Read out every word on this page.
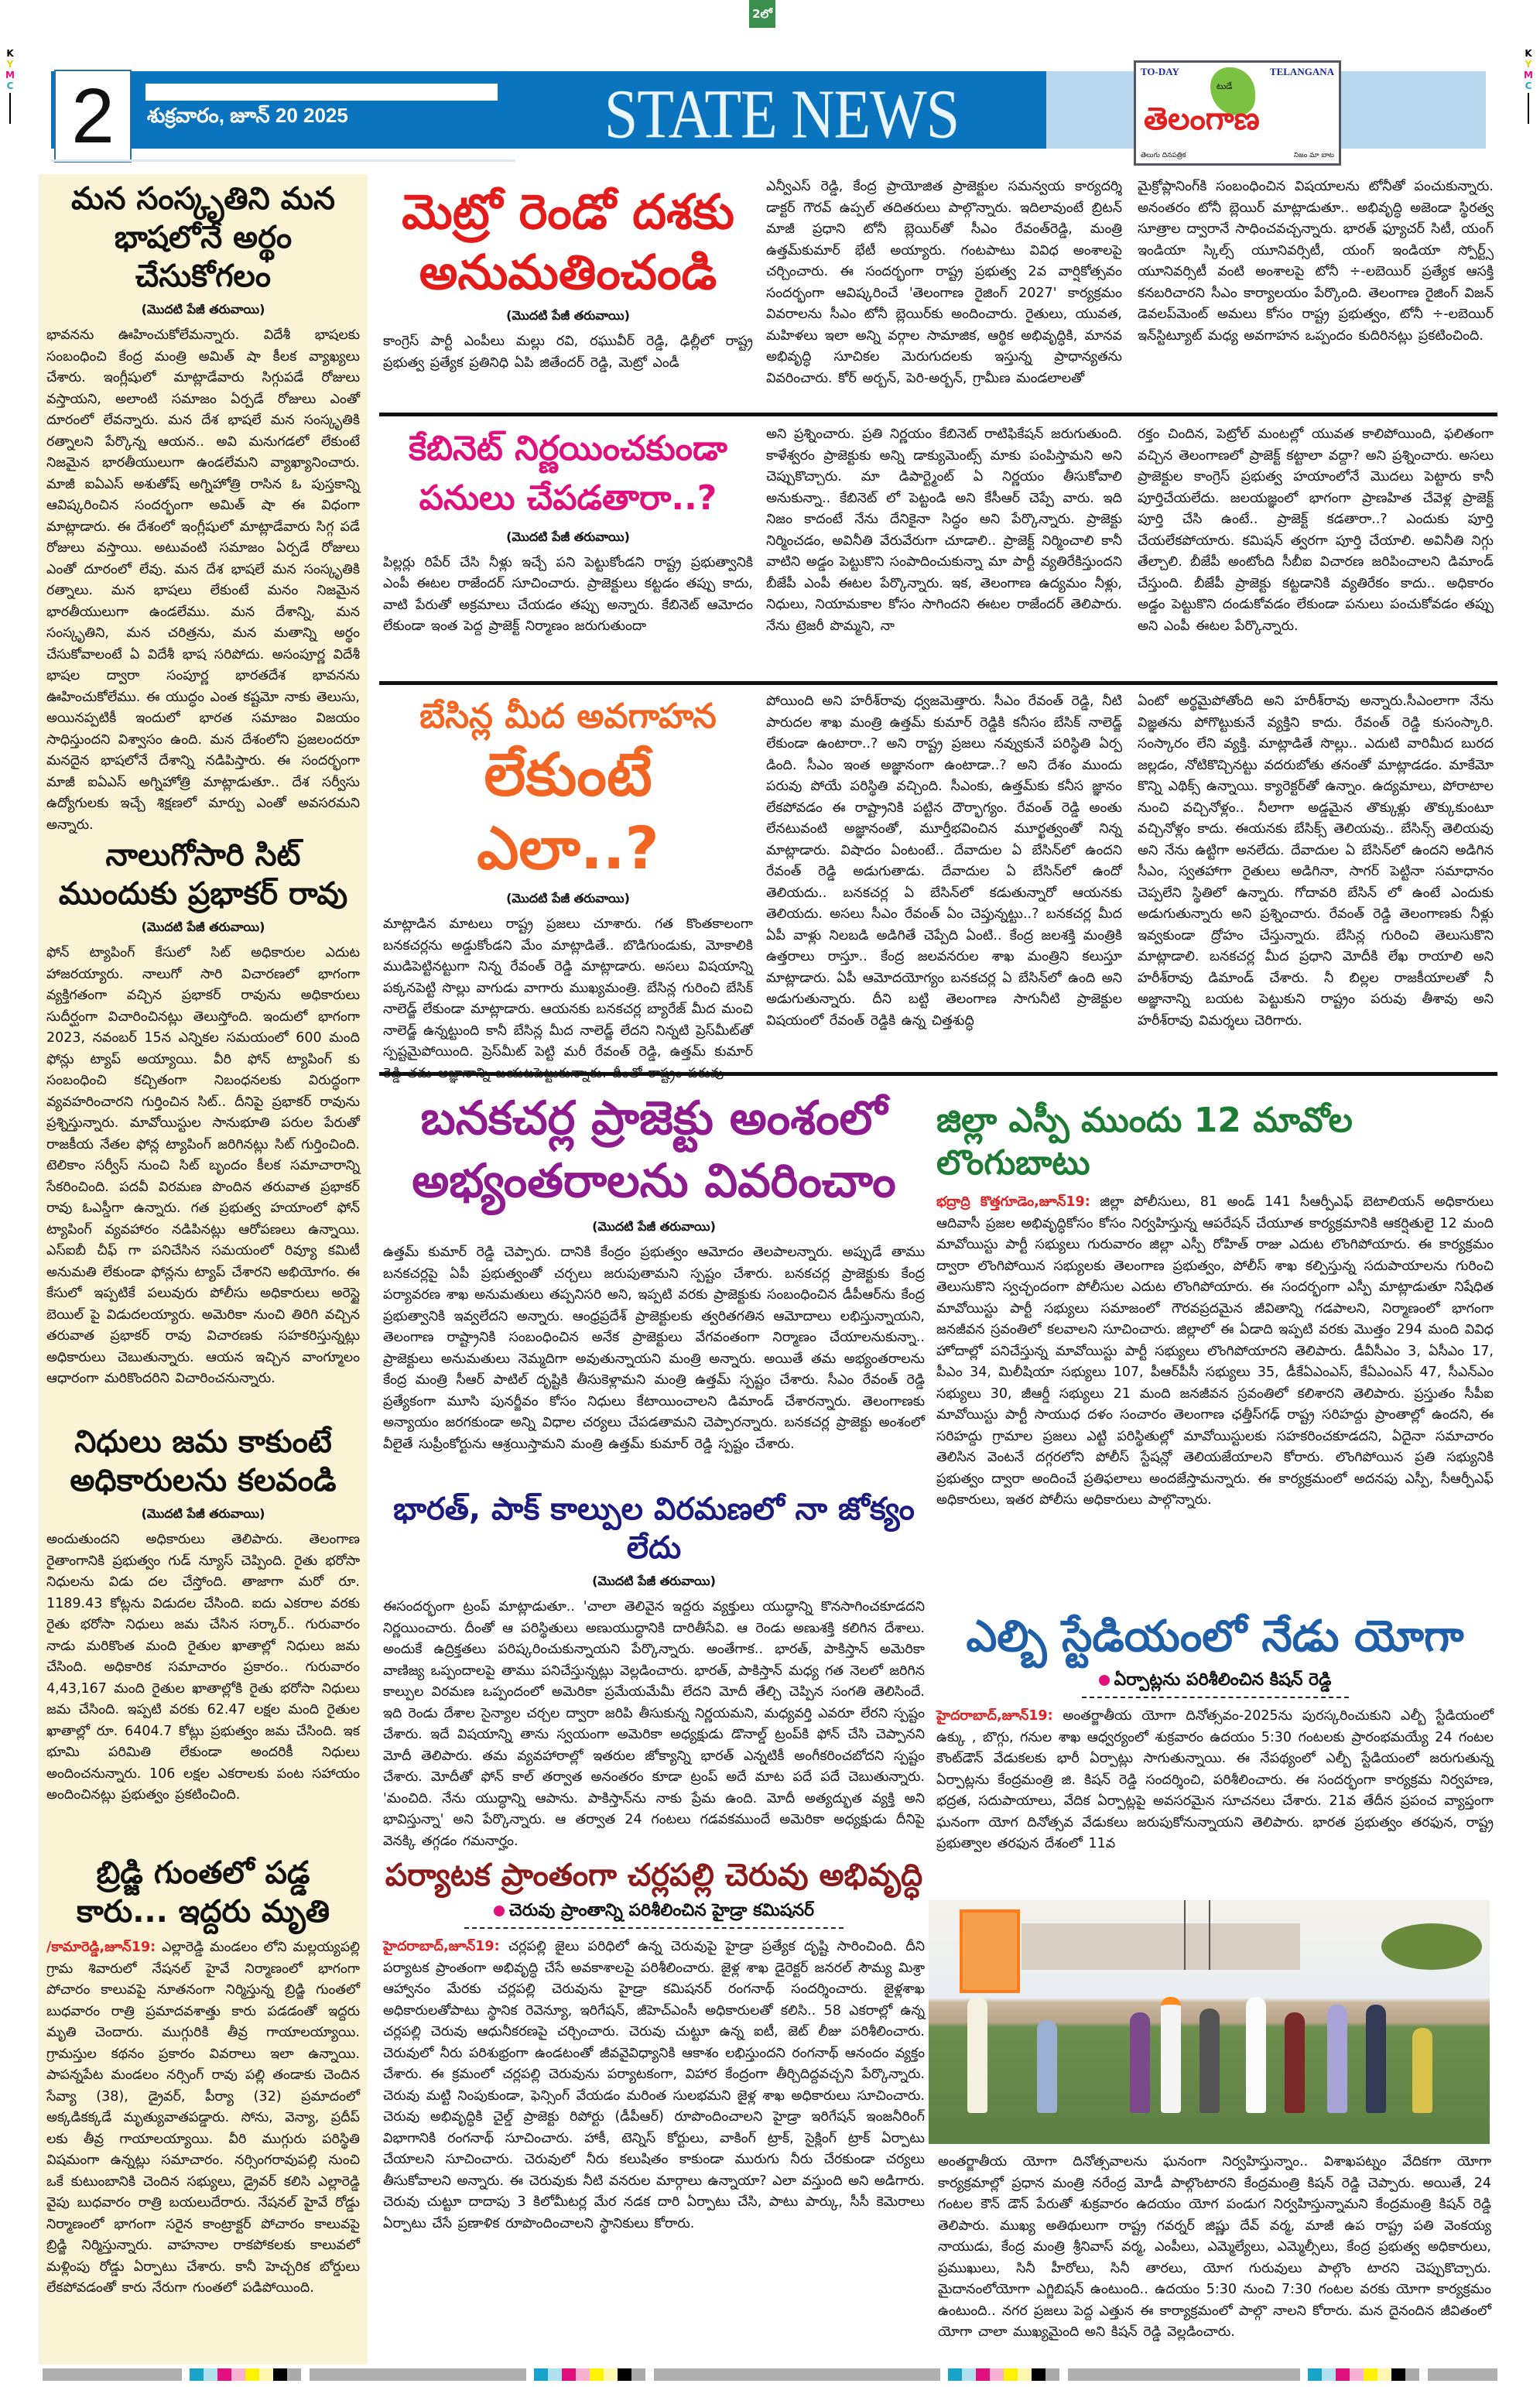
2లో
K
Y
M
C
K
Y
M
C
2	శుక్రవారం, జూన్ 20 2025	STATE NEWS
TO-DAY	TELANGANA
టుడే
తెలంగాణ
తెలుగు దినపత్రిక	నిజం మా బాట
మన సంస్కృతిని మన భాషలోనే అర్థం చేసుకోగలం
(మొదటి పేజీ తరువాయి)
భావనను ఊహించుకోలేమన్నారు. విదేశీ భాషలకు సంబంధించి కేంద్ర మంత్రి అమిత్ షా కీలక వ్యాఖ్యలు చేశారు. ఇంగ్లీషులో మాట్లాడేవారు సిగ్గుపడే రోజులు వస్తాయని, అలాంటి సమాజం ఏర్పడే రోజులు ఎంతో దూరంలో లేవన్నారు. మన దేశ భాషలే మన సంస్కృతికి రత్నాలని పేర్కొన్న ఆయన.. అవి మనుగడలో లేకుంటే నిజమైన భారతీయులుగా ఉండలేమని వ్యాఖ్యానించారు. మాజీ ఐఏఎస్ అశుతోష్ అగ్నిహోత్రి రాసిన ఓ పుస్తకాన్ని ఆవిష్కరించిన సందర్భంగా అమిత్ షా ఈ విధంగా మాట్లాడారు. ఈ దేశంలో ఇంగ్లీషులో మాట్లాడేవారు సిగ్గ పడే రోజులు వస్తాయి. అటువంటి సమాజం ఏర్పడే రోజులు ఎంతో దూరంలో లేవు. మన దేశ భాషలే మన సంస్కృతికి రత్నాలు. మన భాషలు లేకుంటే మనం నిజమైన భారతీయులుగా ఉండలేము. మన దేశాన్ని, మన సంస్కృతిని, మన చరిత్రను, మన మతాన్ని అర్థం చేసుకోవాలంటే ఏ విదేశీ భాష సరిపోదు. అసంపూర్ణ విదేశీ భాషల ద్వారా సంపూర్ణ భారతదేశ భావనను ఊహించుకోలేము. ఈ యుద్ధం ఎంత కష్టమో నాకు తెలుసు, అయినప్పటికీ ఇందులో భారత సమాజం విజయం సాధిస్తుందని విశ్వాసం ఉంది. మన దేశంలోని ప్రజలందరూ మనదైన భాషలోనే దేశాన్ని నడిపిస్తారు. ఈ సందర్భంగా మాజీ ఐఏఎస్ అగ్నిహోత్రి మాట్లాడుతూ.. దేశ సర్వీసు ఉద్యోగులకు ఇచ్చే శిక్షణలో మార్పు ఎంతో అవసరమని అన్నారు.
నాలుగోసారి సిట్ ముందుకు ప్రభాకర్ రావు
(మొదటి పేజీ తరువాయి)
ఫోన్ ట్యాపింగ్ కేసులో సిట్ అధికారుల ఎదుట హాజరయ్యారు. నాలుగో సారి విచారణలో భాగంగా వ్యక్తిగతంగా వచ్చిన ప్రభాకర్ రావును అధికారులు సుదీర్ఘంగా విచారించినట్లు తెలుస్తోంది. ఇందులో భాగంగా 2023, నవంబర్ 15న ఎన్నికల సమయంలో 600 మంది ఫోన్లు ట్యాప్ అయ్యాయి. వీరి ఫోన్ ట్యాపింగ్ కు సంబంధించి కచ్చితంగా నిబంధనలకు విరుద్ధంగా వ్యవహరించారని గుర్తించిన సిట్.. దీనిపై ప్రభాకర్ రావును ప్రశ్నిస్తున్నారు. మావోయిస్టుల సానుభూతి పరుల పేరుతో రాజకీయ నేతల ఫోన్ల ట్యాపింగ్ జరిగినట్లు సిట్ గుర్తించింది. టెలికాం సర్వీస్ నుంచి సిట్ బృందం కీలక సమాచారాన్ని సేకరించింది. పదవీ విరమణ పొందిన తరువాత ప్రభాకర్ రావు ఓఎస్డీగా ఉన్నారు. గత ప్రభుత్వ హయాంలో ఫోన్ ట్యాపింగ్ వ్యవహారం నడిపినట్లు ఆరోపణలు ఉన్నాయి. ఎస్ఐబీ చీఫ్ గా పనిచేసిన సమయంలో రివ్యూ కమిటీ అనుమతి లేకుండా ఫోన్లను ట్యాప్ చేశారని అభియోగం. ఈ కేసులో ఇప్పటికే పలువురు పోలీసు అధికారులు అరెస్టై బెయిల్ పై విడుదలయ్యారు. అమెరికా నుంచి తిరిగి వచ్చిన తరువాత ప్రభాకర్ రావు విచారణకు సహకరిస్తున్నట్లు అధికారులు చెబుతున్నారు. ఆయన ఇచ్చిన వాంగ్మూలం ఆధారంగా మరికొందరిని విచారించనున్నారు.
నిధులు జమ కాకుంటే అధికారులను కలవండి
(మొదటి పేజీ తరువాయి)
అందుతుందని అధికారులు తెలిపారు. తెలంగాణ రైతాంగానికి ప్రభుత్వం గుడ్ న్యూస్ చెప్పింది. రైతు భరోసా నిధులను విడు దల చేస్తోంది. తాజాగా మరో రూ. 1189.43 కోట్లను విడుదల చేసింది. ఐదు ఎకరాల వరకు రైతు భరోసా నిధులు జమ చేసిన సర్కార్.. గురువారం నాడు మరికొంత మంది రైతుల ఖాతాల్లో నిధులు జమ చేసింది. అధికారిక సమాచారం ప్రకారం.. గురువారం 4,43,167 మంది రైతుల ఖాతాల్లోకి రైతు భరోసా నిధులు జమ చేసింది. ఇప్పటి వరకు 62.47 లక్షల మంది రైతుల ఖాతాల్లో రూ. 6404.7 కోట్లు ప్రభుత్వం జమ చేసింది. ఇక భూమి పరిమితి లేకుండా అందరికీ నిధులు అందించనున్నారు. 106 లక్షల ఎకరాలకు పంట సహాయం అందించినట్లు ప్రభుత్వం ప్రకటించింది.
బ్రిడ్జి గుంతలో పడ్డ కారు... ఇద్దరు మృతి
/కామారెడ్డి,జూన్19: ఎల్లారెడ్డి మండలం లోని మల్లయ్యపల్లి గ్రామ శివారులో నేషనల్ హైవే నిర్మాణంలో భాగంగా పోచారం కాలువపై నూతనంగా నిర్మిస్తున్న బ్రిడ్జి గుంతలో బుధవారం రాత్రి ప్రమాదవశాత్తు కారు పడడంతో ఇద్దరు మృతి చెందారు. ముగ్గురికి తీవ్ర గాయాలయ్యాయి. గ్రామస్తుల కథనం ప్రకారం వివరాలు ఇలా ఉన్నాయి. పాపన్నపేట మండలం నర్సింగ్ రావు పల్లి తండాకు చెందిన సేవ్యా (38), డ్రైవర్, పీర్యా (32) ప్రమాదంలో అక్కడికక్కడే మృత్యువాతపడ్డారు. సోను, వెన్యా, ప్రదీప్ లకు తీవ్ర గాయాలయ్యాయి. వీరి ముగ్గురు పరిస్థితి విషమంగా ఉన్నట్లు సమాచారం. నర్సింగరావుపల్లి నుంచి ఒకే కుటుంబానికి చెందిన సభ్యులు, డ్రైవర్ కలిసి ఎల్లారెడ్డి వైపు బుధవారం రాత్రి బయలుదేరారు. నేషనల్ హైవే రోడ్డు నిర్మాణంలో భాగంగా సరైన కాంట్రాక్టర్ పోచారం కాలువపై బ్రిడ్జి నిర్మిస్తున్నారు. వాహనాల రాకపోకలకు కాలువలో మళ్లింపు రోడ్డు ఏర్పాటు చేశారు. కానీ హెచ్చరిక బోర్డులు లేకపోవడంతో కారు నేరుగా గుంతలో పడిపోయింది.
మెట్రో రెండో దశకు అనుమతించండి
(మొదటి పేజీ తరువాయి)
కాంగ్రెస్ పార్టీ ఎంపీలు మల్లు రవి, రఘువీర్ రెడ్డి, ఢిల్లీలో రాష్ట్ర ప్రభుత్వ ప్రత్యేక ప్రతినిధి ఏపి జితేందర్ రెడ్డి, మెట్రో ఎండీ
ఎన్వీఎస్ రెడ్డి, కేంద్ర ప్రాయోజిత ప్రాజెక్టుల సమన్వయ కార్యదర్శి డాక్టర్ గౌరవ్ ఉప్పల్ తదితరులు పాల్గొన్నారు. ఇదిలావుంటే బ్రిటన్ మాజీ ప్రధాని టోనీ బ్లెయిర్‌తో సీఎం రేవంత్‌రెడ్డి, మంత్రి ఉత్తమ్‌కుమార్ భేటీ అయ్యారు. గంటపాటు వివిధ అంశాలపై చర్చించారు. ఈ సందర్భంగా రాష్ట్ర ప్రభుత్వ 2వ వార్షికోత్సవం సందర్భంగా ఆవిష్కరించే 'తెలంగాణ రైజింగ్ 2027' కార్యక్రమం వివరాలను సీఎం టోనీ బ్లెయిర్‌కు అందించారు. రైతులు, యువత, మహిళలు ఇలా అన్ని వర్గాల సామాజిక, ఆర్థిక అభివృద్ధికి, మానవ అభివృద్ధి సూచికల మెరుగుదలకు ఇస్తున్న ప్రాధాన్యతను వివరించారు. కోర్ అర్బన్, పెరి-అర్బన్, గ్రామీణ మండలాలతో
మైక్రోప్లానింగ్‌కి సంబంధించిన విషయాలను టోనీతో పంచుకున్నారు. అనంతరం టోనీ బ్లెయిర్ మాట్లాడుతూ.. అభివృద్ధి అజెండా స్థిరత్వ సూత్రాల ద్వారానే సాధించవచ్చన్నారు. భారత్ ఫ్యూచర్ సిటీ, యంగ్ ఇండియా స్కిల్స్ యూనివర్సిటీ, యంగ్ ఇండియా స్పోర్ట్స్ యూనివర్సిటీ వంటి అంశాలపై టోనీ ÷-లబెయిర్ ప్రత్యేక ఆసక్తి కనబరిచారని సీఎం కార్యాలయం పేర్కొంది. తెలంగాణ రైజింగ్ విజన్ డెవలప్‌మెంట్ అమలు కోసం రాష్ట్ర ప్రభుత్వం, టోనీ ÷-లబెయిర్ ఇన్‌స్టిట్యూట్ మధ్య అవగాహన ఒప్పందం కుదిరినట్లు ప్రకటించింది.
కేబినెట్ నిర్ణయించకుండా పనులు చేపడతారా..?
(మొదటి పేజీ తరువాయి)
పిల్లర్లు రిపేర్ చేసి నీళ్లు ఇచ్చే పని పెట్టుకోండని రాష్ట్ర ప్రభుత్వానికి ఎంపీ ఈటల రాజేందర్ సూచించారు. ప్రాజెక్టులు కట్టడం తప్పు కాదు, వాటి పేరుతో అక్రమాలు చేయడం తప్పు అన్నారు. కేబినెట్ ఆమోదం లేకుండా ఇంత పెద్ద ప్రాజెక్ట్ నిర్మాణం జరుగుతుందా
అని ప్రశ్నించారు. ప్రతి నిర్ణయం కేబినెట్ రాటిఫికేషన్ జరుగుతుంది. కాళేశ్వరం ప్రాజెక్టుకు అన్ని డాక్యుమెంట్స్ మాకు పంపిస్తామని అని చెప్పుకొచ్చారు. మా డిపార్ట్మెంట్ ఏ నిర్ణయం తీసుకోవాలి అనుకున్నా.. కేబినెట్ లో పెట్టండి అని కేసీఆర్ చెప్పే వారు. ఇది నిజం కాదంటే నేను దేనికైనా సిద్ధం అని పేర్కొన్నారు. ప్రాజెక్టు నిర్మించడం, అవినీతి వేరువేరుగా చూడాలి.. ప్రాజెక్ట్ నిర్మించాలి కానీ వాటిని అడ్డం పెట్టుకొని సంపాదించుకున్నా మా పార్టీ వ్యతిరేకిస్తుందని బీజేపీ ఎంపీ ఈటల పేర్కొన్నారు. ఇక, తెలంగాణ ఉద్యమం నీళ్లు, నిధులు, నియామకాల కోసం సాగిందని ఈటల రాజేందర్ తెలిపారు. నేను ట్రెజరీ పొమ్మని, నా
రక్తం చిందిన, పెట్రోల్ మంటల్లో యువత కాలిపోయింది, ఫలితంగా వచ్చిన తెలంగాణలో ప్రాజెక్ట్ కట్టాలా వద్దా? అని ప్రశ్నించారు. అసలు ప్రాజెక్టుల కాంగ్రెస్ ప్రభుత్వ హయాంలోనే మొదలు పెట్టారు కానీ పూర్తిచేయలేదు. జలయజ్ఞంలో భాగంగా ప్రాణహిత చేవెళ్ల ప్రాజెక్ట్ పూర్తి చేసి ఉంటే.. ప్రాజెక్ట్ కడతారా..? ఎందుకు పూర్తి చేయలేకపోయారు. కమిషన్ త్వరగా పూర్తి చేయాలి. అవినీతి నిగ్గు తేల్చాలి. బీజేపీ అంటోంది సీబీఐ విచారణ జరిపించాలని డిమాండ్ చేస్తుంది. బీజేపీ ప్రాజెక్టు కట్టడానికి వ్యతిరేకం కాదు.. అధికారం అడ్డం పెట్టుకొని దండుకోవడం లేకుండా పనులు పంచుకోవడం తప్పు అని ఎంపీ ఈటల పేర్కొన్నారు.
బేసిన్ల మీద అవగాహన
లేకుంటే ఎలా..?
(మొదటి పేజీ తరువాయి)
మాట్లాడిన మాటలు రాష్ట్ర ప్రజలు చూశారు. గత కొంతకాలంగా బనకచర్లను అడ్డుకోండని మేం మాట్లాడితే.. బొడిగుండుకు, మోకాలికి ముడిపెట్టినట్టుగా నిన్న రేవంత్ రెడ్డి మాట్లాడారు. అసలు విషయాన్ని పక్కనపెట్టి సొల్లు వాగుడు వాగారు ముఖ్యమంత్రి. బేసిన్ల గురించి బేసిక్ నాలెడ్జ్ లేకుండా మాట్లాడారు. ఆయనకు బనకచర్ల బ్యారేజ్ మీద మంచి నాలెడ్జ్ ఉన్నట్టుంది కానీ బేసిన్ల మీద నాలెడ్జ్ లేదని నిన్నటి ప్రెస్‌మీట్‌తో స్పష్టమైపోయింది. ప్రెస్‌మీట్ పెట్టి మరీ రేవంత్ రెడ్డి, ఉత్తమ్ కుమార్
పోయింది అని హరీశ్‌రావు ధ్వజమెత్తారు. సీఎం రేవంత్ రెడ్డి, నీటి పారుదల శాఖ మంత్రి ఉత్తమ్ కుమార్ రెడ్డికి కనీసం బేసిక్ నాలెడ్జ్ లేకుండా ఉంటారా..? అని రాష్ట్ర ప్రజలు నవ్వుకునే పరిస్థితి ఏర్ప డింది. సీఎం ఇంత అజ్ఞానంగా ఉంటాడా..? అని దేశం ముందు పరువు పోయే పరిస్థితి వచ్చింది. సీఎంకు, ఉత్తమ్‌కు కనీస జ్ఞానం లేకపోవడం ఈ రాష్ట్రానికి పట్టిన దౌర్భాగ్యం. రేవంత్ రెడ్డి అంతు లేనటువంటి అజ్ఞానంతో, మూర్తీభవించిన మూర్ఖత్వంతో నిన్న మాట్లాడారు. విషాదం ఏంటంటే.. దేవాదుల ఏ బేసిన్‌లో ఉందని రేవంత్ రెడ్డి అడుగుతాడు. దేవాదుల ఏ బేసిన్‌లో ఉందో తెలియదు.. బనకచర్ల ఏ బేసిన్‌లో కడుతున్నారో ఆయనకు తెలియదు. అసలు సీఎం రేవంత్ ఏం చెప్తున్నట్టు..? బనకచర్ల మీద ఏపీ వాళ్లు నిలబడి అడిగితే చెప్పేది ఏంటి.. కేంద్ర జలశక్తి మంత్రికి ఉత్తరాలు రాస్తూ.. కేంద్ర జలవనరుల శాఖ మంత్రిని కలుస్తూ మాట్లాడారు. ఏపీ ఆమోదయోగ్యం బనకచర్ల ఏ బేసిన్‌లో ఉంది అని అడుగుతున్నారు. దీని బట్టి తెలంగాణ సాగునీటి ప్రాజెక్టుల విషయంలో రేవంత్ రెడ్డికి ఉన్న చిత్తశుద్ధి
ఏంటో అర్థమైపోతోంది అని హరీశ్‌రావు అన్నారు.సీఎంలాగా నేను విజ్ఞతను పోగొట్టుకునే వ్యక్తిని కాదు. రేవంత్ రెడ్డి కుసంస్కారి. సంస్కారం లేని వ్యక్తి. మాట్లాడితే సొల్లు.. ఎదుటి వారిమీద బురద జల్లడం, నోటికొచ్చినట్టు వదరుబోతు తనంతో మాట్లాడడం. మాకేమో కొన్ని ఎథిక్స్ ఉన్నాయి. క్యారెక్టర్‌తో ఉన్నాం. ఉద్యమాలు, పోరాటాల నుంచి వచ్చినోళ్లం.. నీలాగా అడ్డమైన తొక్కుళ్లు తొక్కుకుంటూ వచ్చినోళ్లం కాదు. ఈయనకు బేసిక్స్ తెలియవు.. బేసిన్స్ తెలియవు అని నేను ఉట్టిగా అనలేదు. దేవాదుల ఏ బేసిన్‌లో ఉందని అడిగిన సీఎం, స్వతహాగా రైతులు అడిగినా, సాగర్ పెట్టినా సమాధానం చెప్పలేని స్థితిలో ఉన్నారు. గోదావరి బేసిన్ లో ఉంటే ఎందుకు అడుగుతున్నారు అని ప్రశ్నించారు. రేవంత్ రెడ్డి తెలంగాణకు నీళ్లు ఇవ్వకుండా ద్రోహం చేస్తున్నారు. బేసిన్ల గురించి తెలుసుకొని మాట్లాడాలి. బనకచర్ల మీద ప్రధాని మోదీకి లేఖ రాయాలి అని హరీశ్‌రావు డిమాండ్ చేశారు. నీ బిల్లల రాజకీయాలతో నీ అజ్ఞానాన్ని బయట పెట్టుకుని రాష్ట్రం పరువు తీశావు అని హరీశ్‌రావు విమర్శలు చెరిగారు.
బనకచర్ల ప్రాజెక్టు అంశంలో అభ్యంతరాలను వివరించాం
(మొదటి పేజీ తరువాయి)
ఉత్తమ్ కుమార్ రెడ్డి చెప్పారు. దానికి కేంద్రం ప్రభుత్వం ఆమోదం తెలపాలన్నారు. అప్పుడే తాము బనకచర్లపై ఏపీ ప్రభుత్వంతో చర్చలు జరుపుతామని స్పష్టం చేశారు. బనకచర్ల ప్రాజెక్టుకు కేంద్ర పర్యావరణ శాఖ అనుమతులు తప్పనిసరి అని, ఇప్పటి వరకు ప్రాజెక్టుకు సంబంధించిన డీపీఆర్‌ను కేంద్ర ప్రభుత్వానికి ఇవ్వలేదని అన్నారు. ఆంధ్రప్రదేశ్ ప్రాజెక్టులకు త్వరితగతిన ఆమోదాలు లభిస్తున్నాయని, తెలంగాణ రాష్ట్రానికి సంబంధించిన అనేక ప్రాజెక్టులు వేగవంతంగా నిర్మాణం చేయాలనుకున్నా.. ప్రాజెక్టులు అనుమతులు నెమ్మదిగా అవుతున్నాయని మంత్రి అన్నారు. అయితే తమ అభ్యంతరాలను కేంద్ర మంత్రి సీఆర్ పాటిల్ దృష్టికి తీసుకెళ్లామని మంత్రి ఉత్తమ్ స్పష్టం చేశారు. సీఎం రేవంత్ రెడ్డి ప్రత్యేకంగా మూసి పునర్జీవం కోసం నిధులు కేటాయించాలని డిమాండ్ చేశారన్నారు. తెలంగాణకు అన్యాయం జరగకుండా అన్ని విధాల చర్యలు చేపడతామని చెప్పారన్నారు. బనకచర్ల ప్రాజెక్టు అంశంలో వీలైతే సుప్రీంకోర్టును ఆశ్రయిస్తామని మంత్రి ఉత్తమ్ కుమార్ రెడ్డి స్పష్టం చేశారు.
భారత్, పాక్ కాల్పుల విరమణలో నా జోక్యం లేదు
(మొదటి పేజీ తరువాయి)
ఈసందర్భంగా ట్రంప్ మాట్లాడుతూ.. 'చాలా తెలివైన ఇద్దరు వ్యక్తులు యుద్ధాన్ని కొనసాగించకూడదని నిర్ణయించారు. దీంతో ఆ పరిస్థితులు అణుయుద్ధానికి దారితీసేవి. ఆ రెండు అణుశక్తి కలిగిన దేశాలు. అందుకే ఉద్రిక్తతలు పరిష్కరించుకున్నాయని పేర్కొన్నారు. అంతేగాక.. భారత్, పాకిస్తాన్ అమెరికా వాణిజ్య ఒప్పందాలపై తాము పనిచేస్తున్నట్లు వెల్లడించారు. భారత్, పాకిస్తాన్ మధ్య గత నెలలో జరిగిన కాల్పుల విరమణ ఒప్పందంలో అమెరికా ప్రమేయమేమీ లేదని మోదీ తేల్చి చెప్పిన సంగతి తెలిసిందే. ఇది రెండు దేశాల సైన్యాల చర్చల ద్వారా జరిపి తీసుకున్న నిర్ణయమని, మధ్యవర్తి ఎవరూ లేరని స్పష్టం చేశారు. ఇదే విషయాన్ని తాను స్వయంగా అమెరికా అధ్యక్షుడు డొనాల్డ్ ట్రంప్‌కి ఫోన్ చేసి చెప్పానని మోదీ తెలిపారు. తమ వ్యవహారాల్లో ఇతరుల జోక్యాన్ని భారత్ ఎన్నటికీ అంగీకరించబోదని స్పష్టం చేశారు. మోదీతో ఫోన్ కాల్ తర్వాత అనంతరం కూడా ట్రంప్ అదే మాట పదే పదే చెబుతున్నారు. 'మంచిది. నేను యుద్ధాన్ని ఆపాను. పాకిస్తాన్‌ను నాకు ప్రేమ ఉంది. మోదీ అత్యద్భుత వ్యక్తి అని భావిస్తున్నా' అని పేర్కొన్నారు. ఆ తర్వాత 24 గంటలు గడవకముందే అమెరికా అధ్యక్షుడు దీనిపై వెనక్కి తగ్గడం గమనార్హం.
పర్యాటక ప్రాంతంగా చర్లపల్లి చెరువు అభివృద్ధి
చెరువు ప్రాంతాన్ని పరిశీలించిన హైడ్రా కమిషనర్
హైదరాబాద్,జూన్19: చర్లపల్లి జైలు పరిధిలో ఉన్న చెరువుపై హైడ్రా ప్రత్యేక దృష్టి సారించింది. దీని పర్యాటక ప్రాంతంగా అభివృద్ధి చేసే అవకాశాలపై పరిశీలించారు. జైళ్ల శాఖ డైరెక్టర్ జనరల్ సౌమ్య మిశ్రా ఆహ్వానం మేరకు చర్లపల్లి చెరువును హైడ్రా కమిషనర్ రంగనాథ్ సందర్శించారు. జైళ్లశాఖ అధికారులతోపాటు స్థానిక రెవెన్యూ, ఇరిగేషన్, జీహెచ్ఎంసీ అధికారులతో కలిసి.. 58 ఎకరాల్లో ఉన్న చర్లపల్లి చెరువు ఆధునీకరణపై చర్చించారు. చెరువు చుట్టూ ఉన్న ఐటీ, జెట్ లీజు పరిశీలించారు. చెరువులో నీరు పరిశుభ్రంగా ఉండటంతో జీవవైవిధ్యానికి ఆకాశం లభిస్తుందని రంగనాథ్ ఆనందం వ్యక్తం చేశారు. ఈ క్రమంలో చర్లపల్లి చెరువును పర్యాటకంగా, విహార కేంద్రంగా తీర్చిదిద్దవచ్చని పేర్కొన్నారు. చెరువు మట్టి నింపుకుండా, ఫెన్సింగ్ వేయడం మరింత సులభమని జైళ్ల శాఖ అధికారులు సూచించారు. చెరువు అభివృద్ధికి చైల్డ్ ప్రాజెక్టు రిపోర్టు (డీపీఆర్) రూపొందించాలని హైడ్రా ఇరిగేషన్ ఇంజనీరింగ్ విభాగానికి రంగనాథ్ సూచించారు. హాకీ, టెన్నిస్ కోర్టులు, వాకింగ్ ట్రాక్, సైక్లింగ్ ట్రాక్ ఏర్పాటు చేయాలని సూచించారు. చెరువులో నీరు కలుషితం కాకుండా మురుగు నీరు చేరకుండా చర్యలు తీసుకోవాలని అన్నారు. ఈ చెరువుకు నీటి వనరుల మార్గాలు ఉన్నాయా? ఎలా వస్తుంది అని అడిగారు. చెరువు చుట్టూ దాదాపు 3 కిలోమీటర్ల మేర నడక దారి ఏర్పాటు చేసి, పాటు పార్కు, సీసీ కెమెరాలు ఏర్పాటు చేసే ప్రణాళిక రూపొందించాలని స్థానికులు కోరారు.
జిల్లా ఎస్పీ ముందు 12 మావోల లొంగుబాటు
భద్రాద్రి కొత్తగూడెం,జూన్19: జిల్లా పోలీసులు, 81 అండ్ 141 సీఆర్పీఎఫ్ బెటాలియన్ అధికారులు ఆదివాసీ ప్రజల అభివృద్ధికోసం కోసం నిర్వహిస్తున్న ఆపరేషన్ చేయూత కార్యక్రమానికి ఆకర్షితులై 12 మంది మావోయిస్టు పార్టీ సభ్యులు గురువారం జిల్లా ఎస్పీ రోహిత్ రాజు ఎదుట లొంగిపోయారు. ఈ కార్యక్రమం ద్వారా లొంగిపోయిన సభ్యులకు తెలంగాణ ప్రభుత్వం, పోలీస్ శాఖ కల్పిస్తున్న సదుపాయాలను గురించి తెలుసుకొని స్వచ్ఛందంగా పోలీసుల ఎదుట లొంగిపోయారు. ఈ సందర్భంగా ఎస్పీ మాట్లాడుతూ నిషేధిత మావోయిస్టు పార్టీ సభ్యులు సమాజంలో గౌరవప్రదమైన జీవితాన్ని గడపాలని, నిర్మాణంలో భాగంగా జనజీవన స్రవంతిలో కలవాలని సూచించారు. జిల్లాలో ఈ ఏడాది ఇప్పటి వరకు మొత్తం 294 మంది వివిధ హోదాల్లో పనిచేస్తున్న మావోయిస్టు పార్టీ సభ్యులు లొంగిపోయారని తెలిపారు. డీవీసీఎం 3, ఏసీఎం 17, పీఎం 34, మిలీషియా సభ్యులు 107, పీఆర్‌పీసీ సభ్యులు 35, డీకేఏఎంఎస్, కేఏఎంఎస్ 47, సీఎన్ఎం సభ్యులు 30, జీఆర్డీ సభ్యులు 21 మంది జనజీవన స్రవంతిలో కలిశారని తెలిపారు. ప్రస్తుతం సీపీఐ మావోయిస్టు పార్టీ సాయుధ దళం సంచారం తెలంగాణ ఛత్తీస్‌గఢ్ రాష్ట్ర సరిహద్దు ప్రాంతాల్లో ఉందని, ఈ సరిహద్దు గ్రామాల ప్రజలు ఎట్టి పరిస్థితుల్లో మావోయిస్టులకు సహకరించకూడదని, ఏదైనా సమాచారం తెలిసిన వెంటనే దగ్గరలోని పోలీస్ స్టేషన్లో తెలియజేయాలని కోరారు. లొంగిపోయిన ప్రతి సభ్యునికి ప్రభుత్వం ద్వారా అందించే ప్రతిఫలాలు అందజేస్తామన్నారు. ఈ కార్యక్రమంలో అదనపు ఎస్పీ, సీఆర్పీఎఫ్ అధికారులు, ఇతర పోలీసు అధికారులు పాల్గొన్నారు.
ఎల్బి స్టేడియంలో నేడు యోగా
ఏర్పాట్లను పరిశీలించిన కిషన్ రెడ్డి
హైదరాబాద్,జూన్19: అంతర్జాతీయ యోగా దినోత్సవం-2025ను పురస్కరించుకుని ఎల్బీ స్టేడియంలో ఉక్కు , బొగ్గు, గనుల శాఖ ఆధ్వర్యంలో శుక్రవారం ఉదయం 5:30 గంటలకు ప్రారంభమయ్యే 24 గంటల కౌంట్‌డౌన్ వేడుకలకు భారీ ఏర్పాట్లు సాగుతున్నాయి. ఈ నేపథ్యంలో ఎల్బీ స్టేడియంలో జరుగుతున్న ఏర్పాట్లను కేంద్రమంత్రి జి. కిషన్ రెడ్డి సందర్శించి, పరిశీలించారు. ఈ సందర్భంగా కార్యక్రమ నిర్వహణ, భద్రత, సదుపాయాలు, వేదిక ఏర్పాట్లపై అవసరమైన సూచనలు చేశారు. 21వ తేదీన ప్రపంచ వ్యాప్తంగా ఘనంగా యోగ దినోత్సవ వేడుకలు జరుపుకోనున్నాయని తెలిపారు. భారత ప్రభుత్వం తరఫున, రాష్ట్ర ప్రభుత్వాల తరఫున దేశంలో 11వ
అంతర్జాతీయ యోగా దినోత్సవాలను ఘనంగా నిర్వహిస్తున్నాం.. విశాఖపట్నం వేదికగా యోగా కార్యక్రమాల్లో ప్రధాన మంత్రి నరేంద్ర మోడీ పాల్గొంటారని కేంద్రమంత్రి కిషన్ రెడ్డి చెప్పారు. అయితే, 24 గంటల కౌన్ డౌన్ పేరుతో శుక్రవారం ఉదయం యోగ పండుగ నిర్వహిస్తున్నామని కేంద్రమంత్రి కిషన్ రెడ్డి తెలిపారు. ముఖ్య అతిథులుగా రాష్ట్ర గవర్నర్ జిష్ణు దేవ్ వర్మ, మాజీ ఉప రాష్ట్ర పతి వెంకయ్య నాయుడు, కేంద్ర మంత్రి శ్రీనివాస్ వర్మ, ఎంపీలు, ఎమ్మెల్యేలు, ఎమ్మెల్సీలు, కేంద్ర ప్రభుత్వ అధికారులు, ప్రముఖులు, సినీ హీరోలు, సినీ తారలు, యోగ గురువులు పాల్గొం టారని చెప్పుకొచ్చారు. మైదానంలోయోగా ఎగ్జిబిషన్ ఉంటుంది.. ఉదయం 5:30 నుంచి 7:30 గంటల వరకు యోగా కార్యక్రమం ఉంటుంది.. నగర ప్రజలు పెద్ద ఎత్తున ఈ కార్యాక్రమంలో పాల్గొ నాలని కోరారు. మన దైనందిన జీవితంలో యోగా చాలా ముఖ్యమైంది అని కిషన్ రెడ్డి వెల్లడించారు.
